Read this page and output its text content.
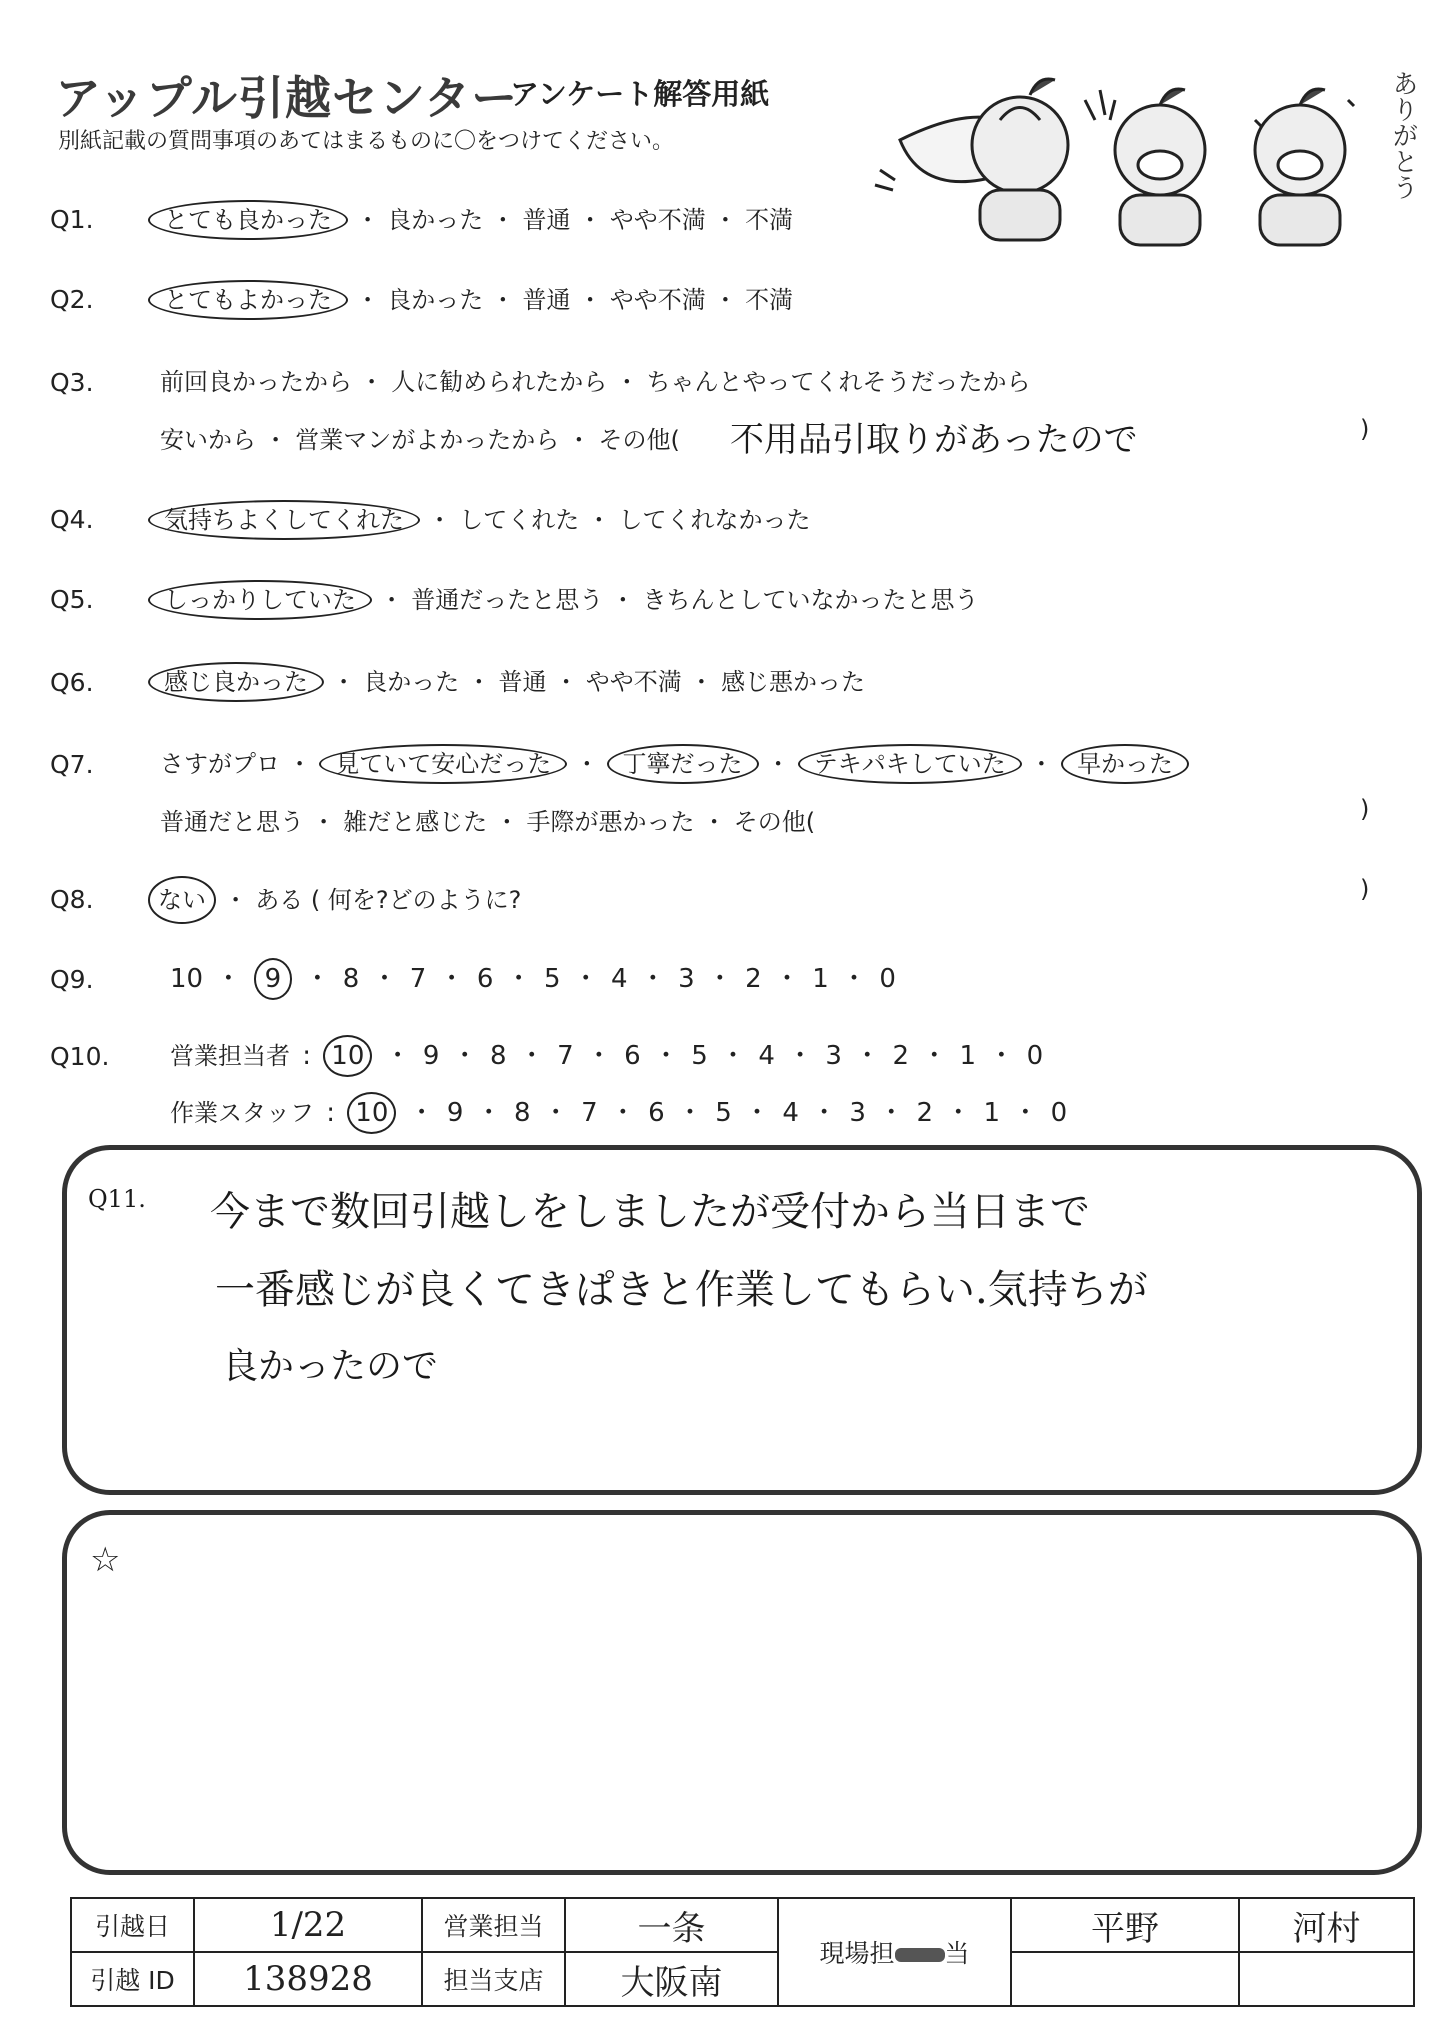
アップル引越センター
アンケート解答用紙
別紙記載の質問事項のあてはまるものに〇をつけてください。	ありがとう
Q1.	とても良かった ・ 良かった ・ 普通 ・ やや不満 ・ 不満
Q2.	とてもよかった ・ 良かった ・ 普通 ・ やや不満 ・ 不満
Q3.	前回良かったから ・ 人に勧められたから ・ ちゃんとやってくれそうだったから
安いから ・ 営業マンがよかったから ・ その他( 不用品引取りがあったので	)
Q4.	気持ちよくしてくれた ・ してくれた ・ してくれなかった
Q5.	しっかりしていた ・ 普通だったと思う ・ きちんとしていなかったと思う
Q6.	感じ良かった ・ 良かった ・ 普通 ・ やや不満 ・ 感じ悪かった
Q7.	さすがプロ ・ 見ていて安心だった ・ 丁寧だった ・ テキパキしていた ・ 早かった
普通だと思う ・ 雑だと感じた ・ 手際が悪かった ・ その他(	)
Q8.	ない ・ ある ( 何を?どのように?	)
Q9.	10 ・ 9 ・ 8 ・ 7 ・ 6 ・ 5 ・ 4 ・ 3 ・ 2 ・ 1 ・ 0
Q10.	営業担当者 : 10 ・ 9 ・ 8 ・ 7 ・ 6 ・ 5 ・ 4 ・ 3 ・ 2 ・ 1 ・ 0
作業スタッフ : 10 ・ 9 ・ 8 ・ 7 ・ 6 ・ 5 ・ 4 ・ 3 ・ 2 ・ 1 ・ 0
Q11. 今まで数回引越しをしましたが受付から当日まで
一番感じが良くてきぱきと作業してもらい.気持ちが
良かったので
☆
引越日	1/22	営業担当	一条	現場担 当	平野	河村
引越 ID	138928	担当支店	大阪南			
